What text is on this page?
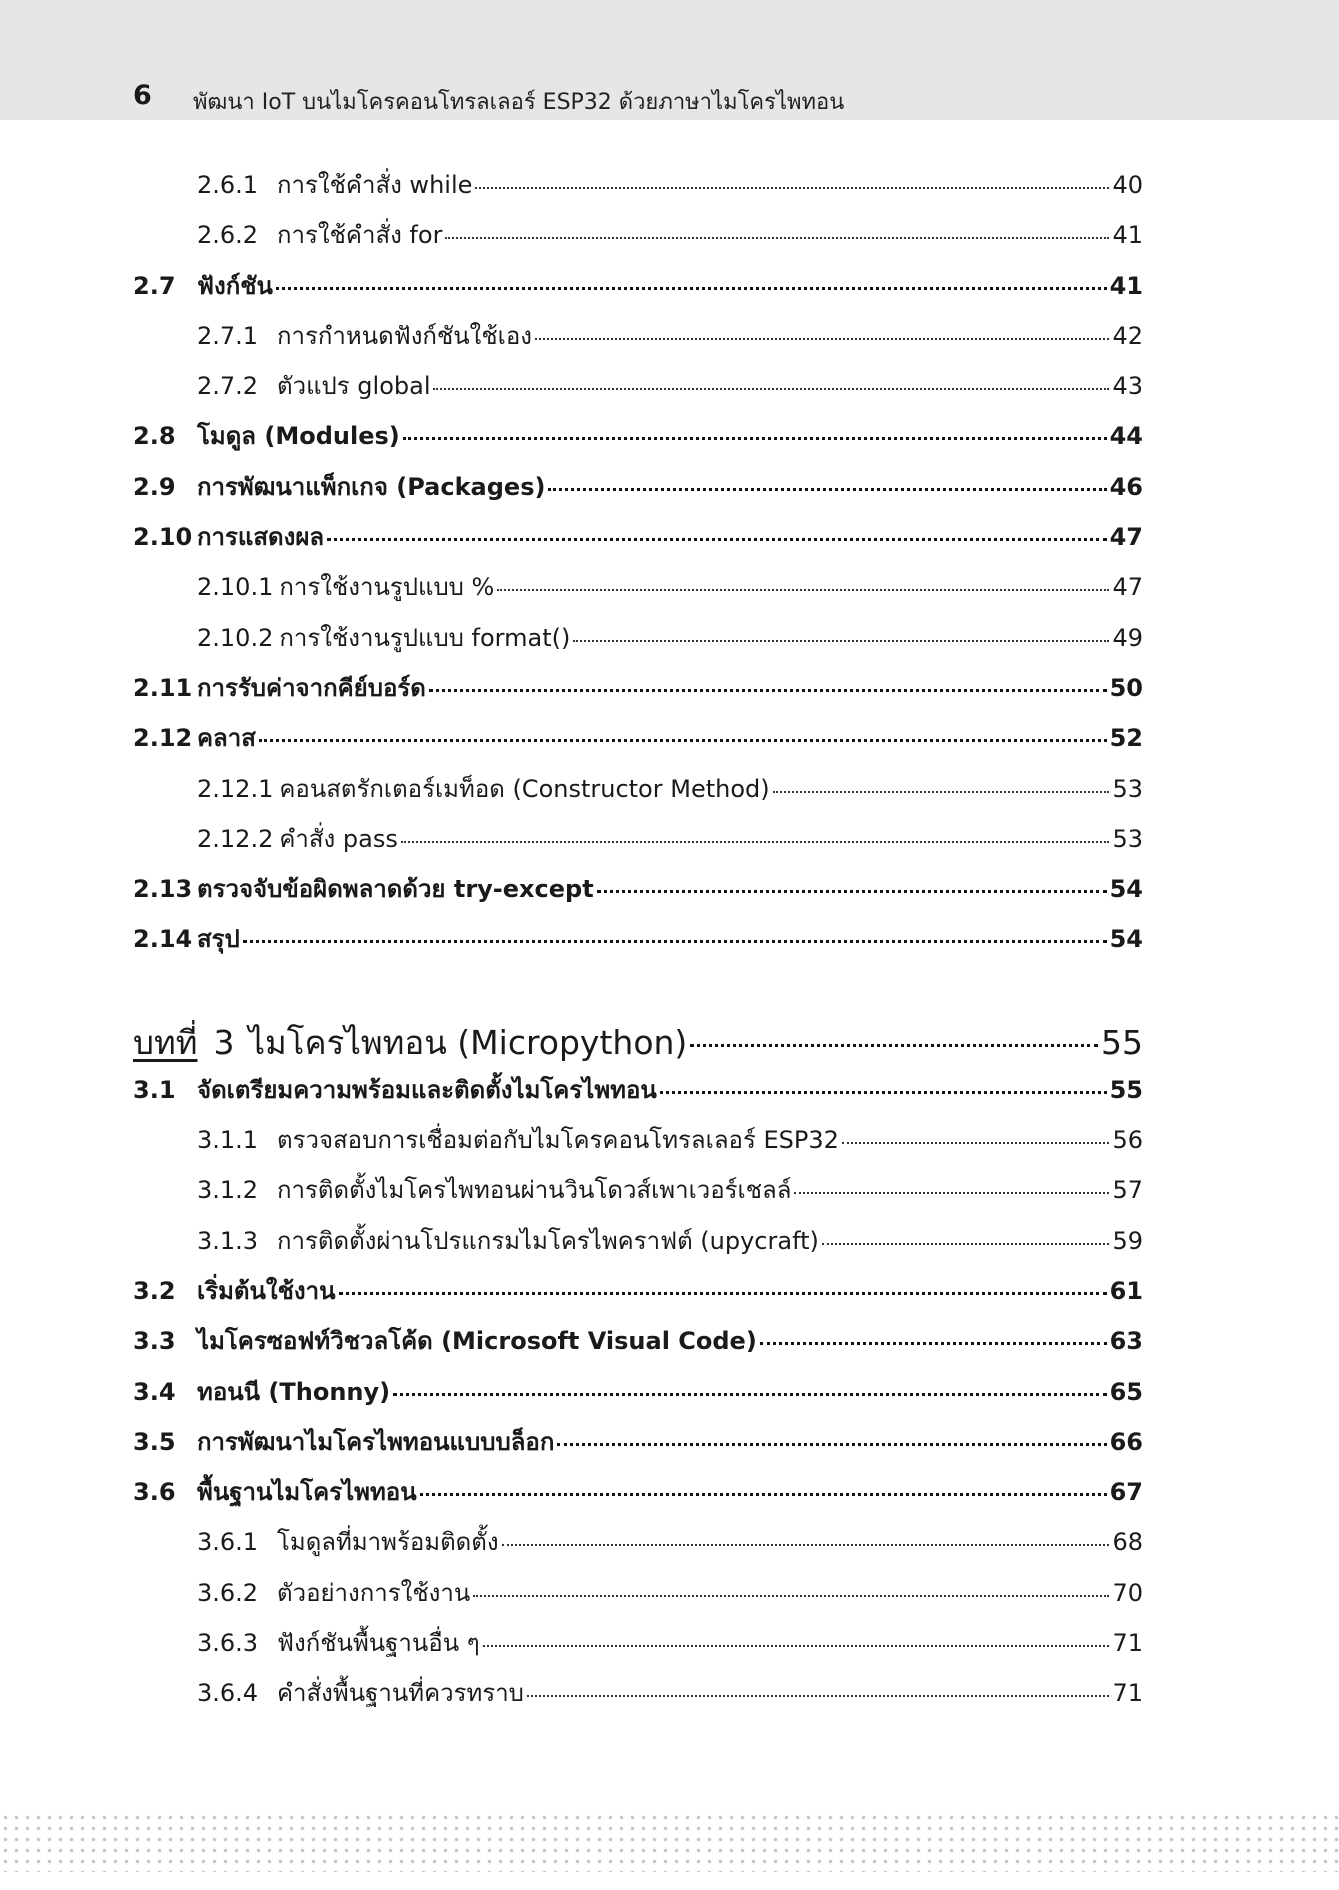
6 พัฒนา IoT บนไมโครคอนโทรลเลอร์ ESP32 ด้วยภาษาไมโครไพทอน
2.6.1 การใช้คำสั่ง while	40
2.6.2 การใช้คำสั่ง for	41
2.7 ฟังก์ชัน	41
2.7.1 การกำหนดฟังก์ชันใช้เอง	42
2.7.2 ตัวแปร global	43
2.8 โมดูล (Modules)	44
2.9 การพัฒนาแพ็กเกจ (Packages)	46
2.10 การแสดงผล	47
2.10.1 การใช้งานรูปแบบ %	47
2.10.2 การใช้งานรูปแบบ format()	49
2.11 การรับค่าจากคีย์บอร์ด	50
2.12 คลาส	52
2.12.1 คอนสตรักเตอร์เมท็อด (Constructor Method)	53
2.12.2 คำสั่ง pass	53
2.13 ตรวจจับข้อผิดพลาดด้วย try-except	54
2.14 สรุป	54
บทที่ 3 ไมโครไพทอน (Micropython)	55
3.1 จัดเตรียมความพร้อมและติดตั้งไมโครไพทอน	55
3.1.1 ตรวจสอบการเชื่อมต่อกับไมโครคอนโทรลเลอร์ ESP32	56
3.1.2 การติดตั้งไมโครไพทอนผ่านวินโดวส์เพาเวอร์เชลล์	57
3.1.3 การติดตั้งผ่านโปรแกรมไมโครไพคราฟต์ (upycraft)	59
3.2 เริ่มต้นใช้งาน	61
3.3 ไมโครซอฟท์วิชวลโค้ด (Microsoft Visual Code)	63
3.4 ทอนนี (Thonny)	65
3.5 การพัฒนาไมโครไพทอนแบบบล็อก	66
3.6 พื้นฐานไมโครไพทอน	67
3.6.1 โมดูลที่มาพร้อมติดตั้ง	68
3.6.2 ตัวอย่างการใช้งาน	70
3.6.3 ฟังก์ชันพื้นฐานอื่น ๆ	71
3.6.4 คำสั่งพื้นฐานที่ควรทราบ	71
